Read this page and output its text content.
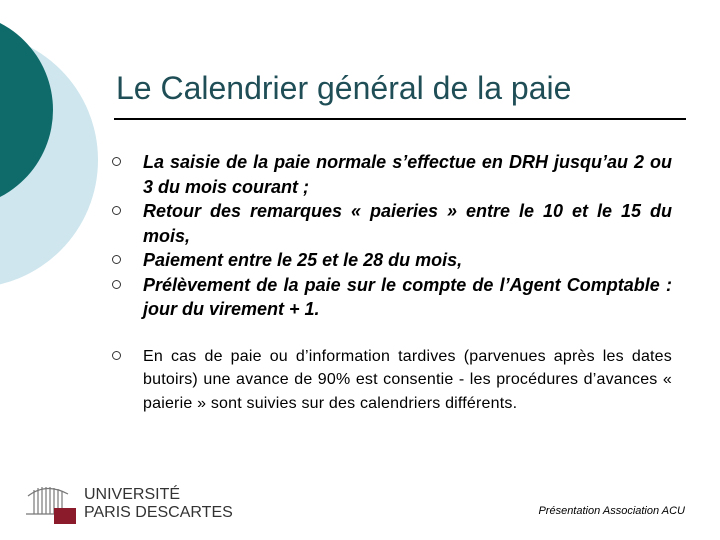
Le Calendrier général de la paie
La saisie de la paie normale s’effectue en DRH jusqu’au 2 ou 3 du mois courant ;
Retour des remarques « paieries » entre le 10 et le 15 du mois,
Paiement entre le 25 et le 28 du mois,
Prélèvement de la paie sur le compte de l’Agent Comptable : jour du virement + 1.
En cas de paie ou d’information tardives (parvenues après les dates butoirs) une avance de 90% est consentie - les procédures d’avances « paierie » sont suivies sur des calendriers différents.
UNIVERSITÉ
PARIS DESCARTES	Présentation Association ACU
